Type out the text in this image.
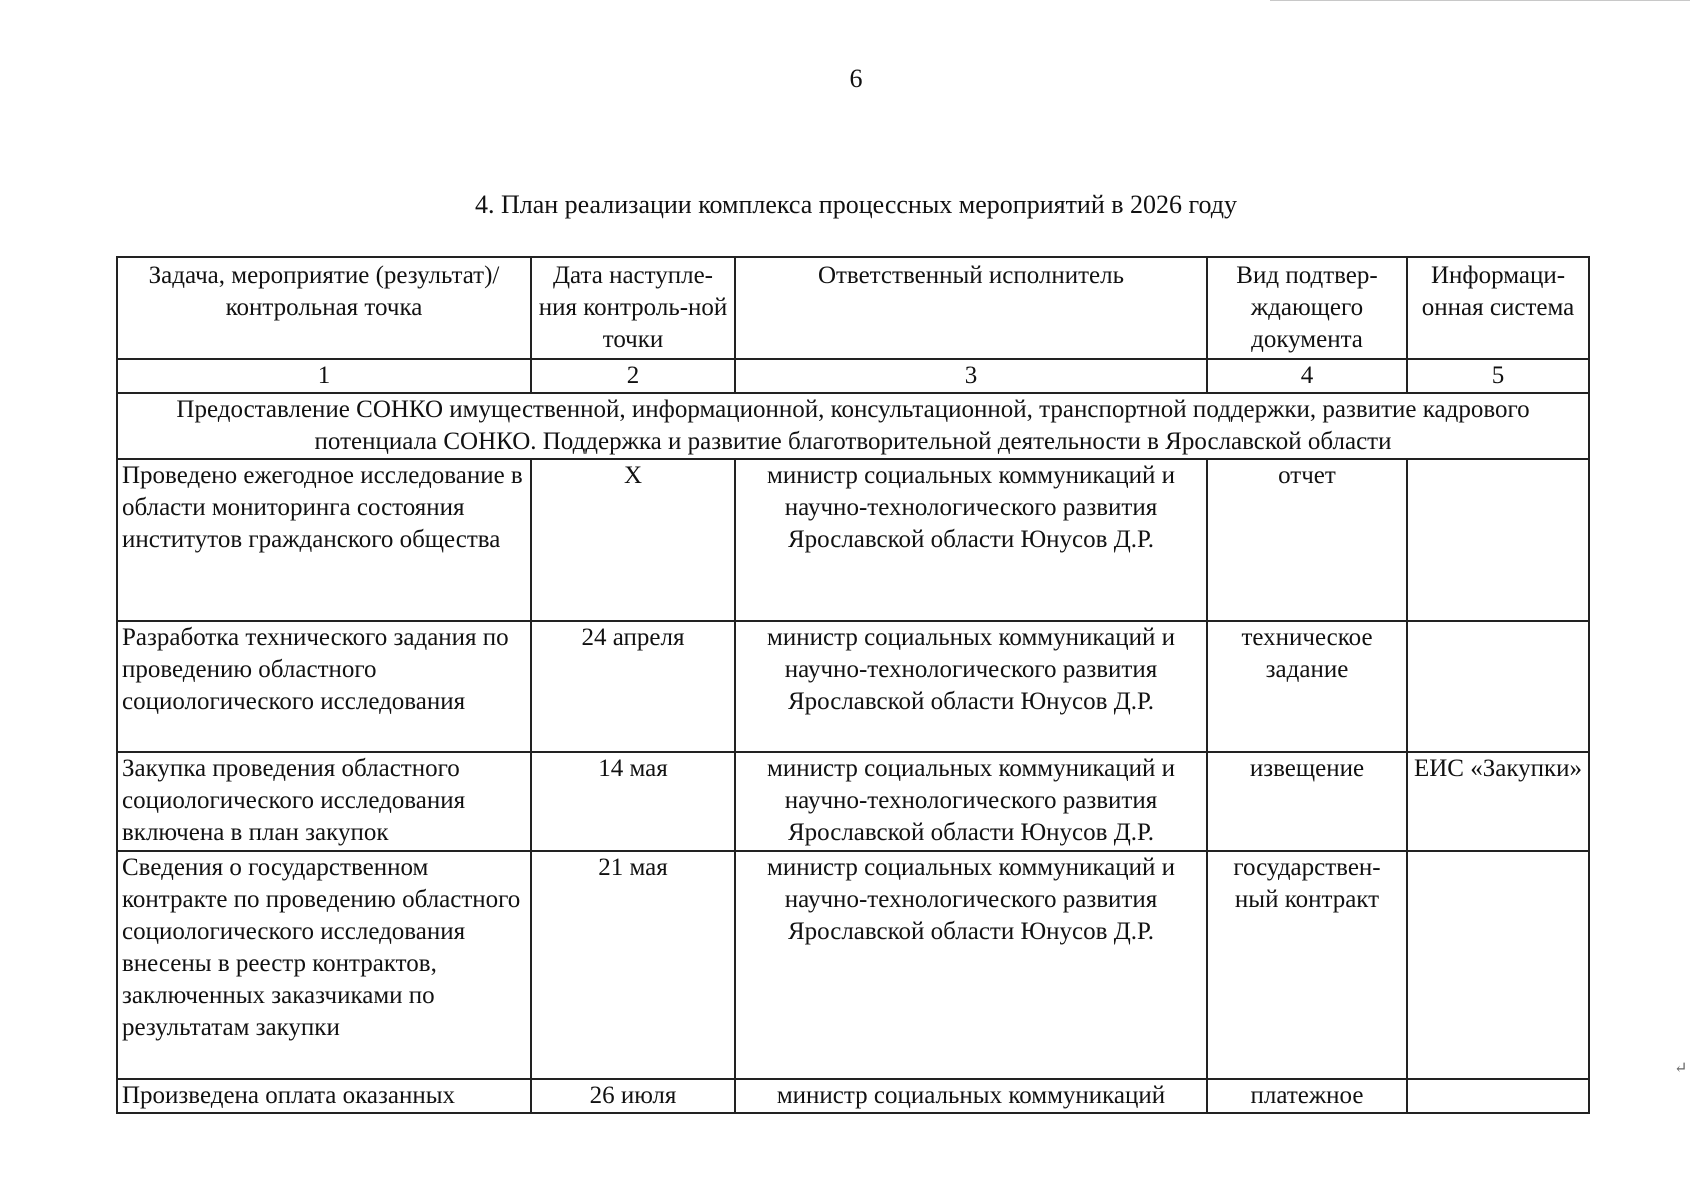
6
4. План реализации комплекса процессных мероприятий в 2026 году
Задача, мероприятие (результат)/ контрольная точка	Дата наступле-ния контроль-ной точки	Ответственный исполнитель	Вид подтвер-ждающего документа	Информаци-онная система
1	2	3	4	5
Предоставление СОНКО имущественной, информационной, консультационной, транспортной поддержки, развитие кадрового потенциала СОНКО. Поддержка и развитие благотворительной деятельности в Ярославской области				
Проведено ежегодное исследование в области мониторинга состояния институтов гражданского общества	X	министр социальных коммуникаций и научно-технологического развития Ярославской области Юнусов Д.Р.	отчет	
Разработка технического задания по проведению областного социологического исследования	24 апреля	министр социальных коммуникаций и научно-технологического развития Ярославской области Юнусов Д.Р.	техническое задание	
Закупка проведения областного социологического исследования включена в план закупок	14 мая	министр социальных коммуникаций и научно-технологического развития Ярославской области Юнусов Д.Р.	извещение	ЕИС «Закупки»
Сведения о государственном контракте по проведению областного социологического исследования внесены в реестр контрактов, заключенных заказчиками по результатам закупки	21 мая	министр социальных коммуникаций и научно-технологического развития Ярославской области Юнусов Д.Р.	государствен-ный контракт	
Произведена оплата оказанных	26 июля	министр социальных коммуникаций	платежное	
↵
